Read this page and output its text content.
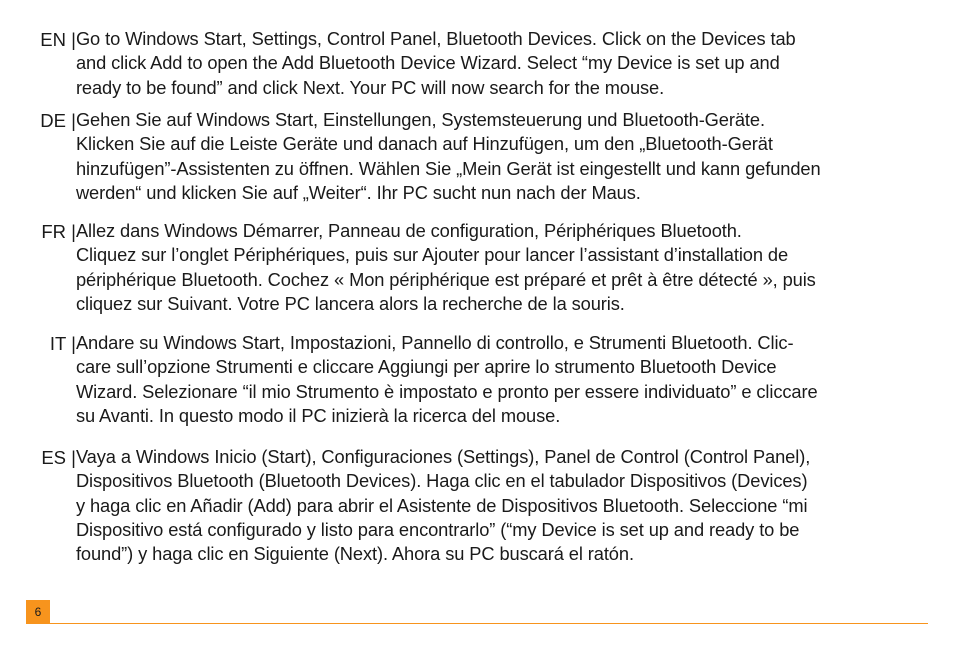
EN | Go to Windows Start, Settings, Control Panel, Bluetooth Devices. Click on the Devices tab

and click Add to open the Add Bluetooth Device Wizard. Select “my Device is set up and

ready to be found” and click Next. Your PC will now search for the mouse.

DE | Gehen Sie auf Windows Start, Einstellungen, Systemsteuerung und Bluetooth-Geräte.

Klicken Sie auf die Leiste Geräte und danach auf Hinzufügen, um den „Bluetooth-Gerät

hinzufügen”-Assistenten zu öffnen. Wählen Sie „Mein Gerät ist eingestellt und kann gefunden

werden“ und klicken Sie auf „Weiter“. Ihr PC sucht nun nach der Maus.

FR | Allez dans Windows Démarrer, Panneau de configuration, Périphériques Bluetooth.

Cliquez sur l’onglet Périphériques, puis sur Ajouter pour lancer l’assistant d’installation de

périphérique Bluetooth. Cochez « Mon périphérique est préparé et prêt à être détecté », puis

cliquez sur Suivant. Votre PC lancera alors la recherche de la souris.

IT | Andare su Windows Start, Impostazioni, Pannello di controllo, e Strumenti Bluetooth. Clic-

care sull’opzione Strumenti e cliccare Aggiungi per aprire lo strumento Bluetooth Device

Wizard. Selezionare “il mio Strumento è impostato e pronto per essere individuato” e cliccare

su Avanti. In questo modo il PC inizierà la ricerca del mouse.

ES | Vaya a Windows Inicio (Start), Configuraciones (Settings), Panel de Control (Control Panel),

Dispositivos Bluetooth (Bluetooth Devices). Haga clic en el tabulador Dispositivos (Devices)

y haga clic en Añadir (Add) para abrir el Asistente de Dispositivos Bluetooth. Seleccione “mi

Dispositivo está configurado y listo para encontrarlo” (“my Device is set up and ready to be

found”) y haga clic en Siguiente (Next). Ahora su PC buscará el ratón.

6
